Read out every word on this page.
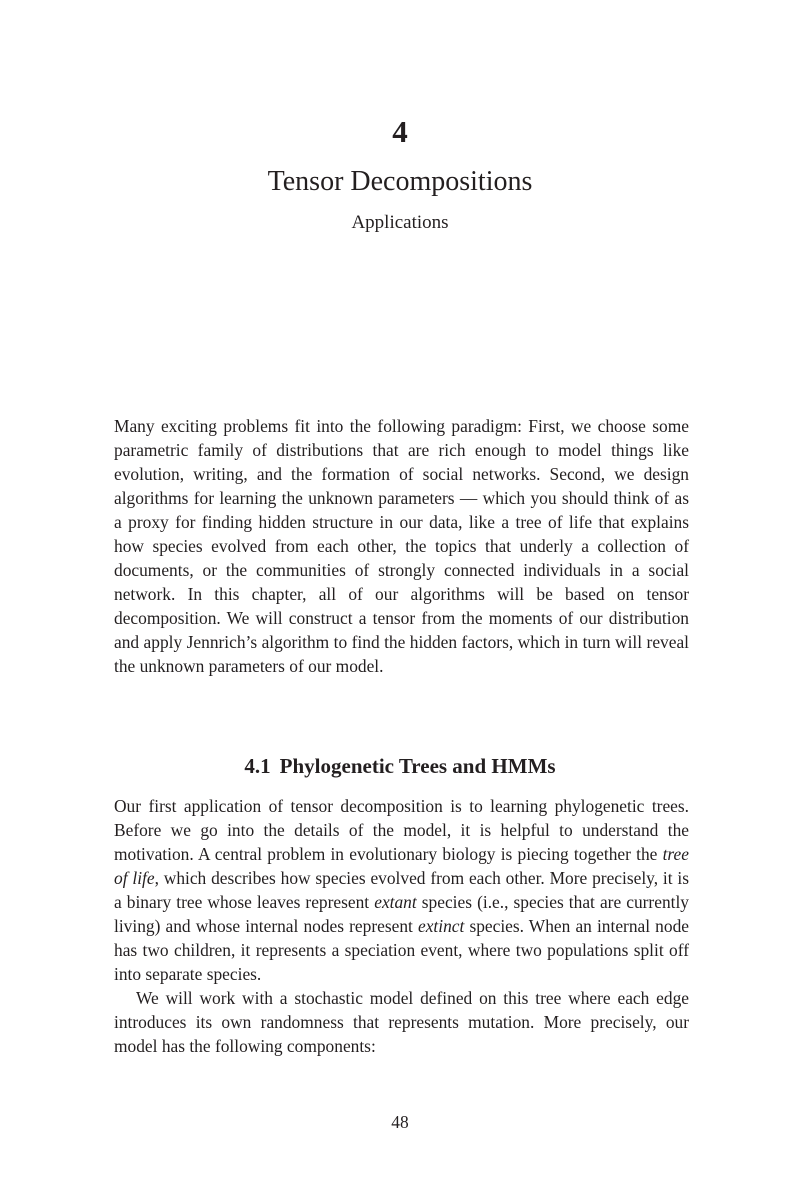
4
Tensor Decompositions
Applications

Many exciting problems fit into the following paradigm: First, we choose some parametric family of distributions that are rich enough to model things like evolution, writing, and the formation of social networks. Second, we design algorithms for learning the unknown parameters — which you should think of as a proxy for finding hidden structure in our data, like a tree of life that explains how species evolved from each other, the topics that underly a collection of documents, or the communities of strongly connected individuals in a social network. In this chapter, all of our algorithms will be based on tensor decomposition. We will construct a tensor from the moments of our distribution and apply Jennrich’s algorithm to find the hidden factors, which in turn will reveal the unknown parameters of our model.

4.1 Phylogenetic Trees and HMMs

Our first application of tensor decomposition is to learning phylogenetic trees. Before we go into the details of the model, it is helpful to understand the motivation. A central problem in evolutionary biology is piecing together the tree of life, which describes how species evolved from each other. More precisely, it is a binary tree whose leaves represent extant species (i.e., species that are currently living) and whose internal nodes represent extinct species. When an internal node has two children, it represents a speciation event, where two populations split off into separate species.

We will work with a stochastic model defined on this tree where each edge introduces its own randomness that represents mutation. More precisely, our model has the following components:

48
